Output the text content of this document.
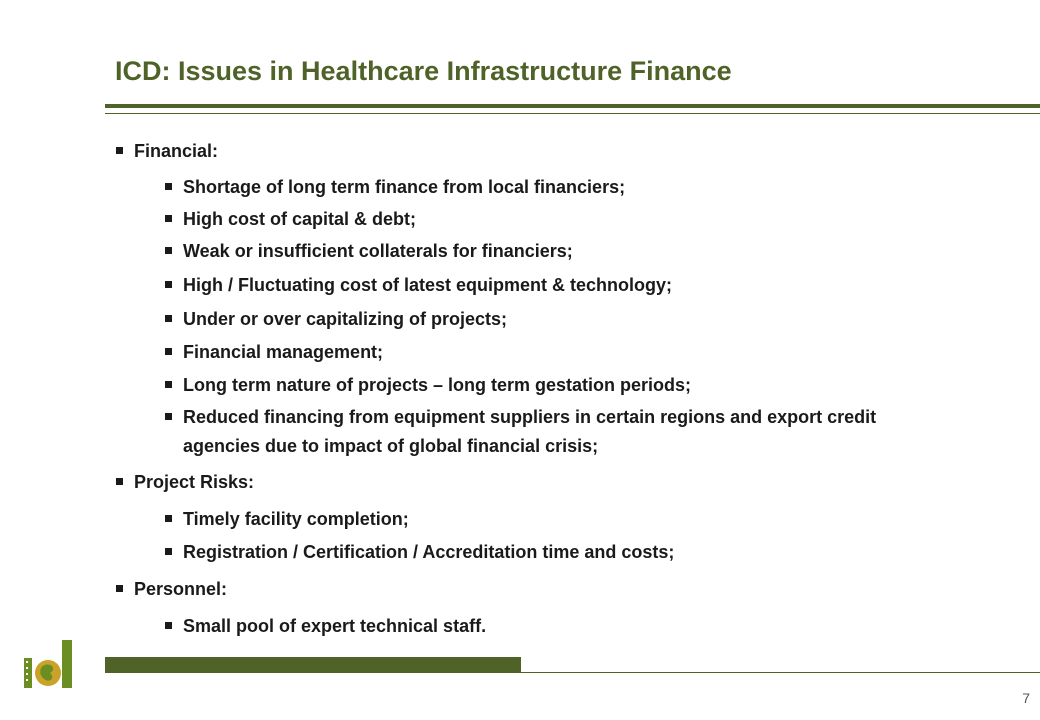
ICD: Issues in Healthcare Infrastructure Finance
Financial:
Shortage of long term finance from local financiers;
High cost of capital & debt;
Weak or insufficient collaterals for financiers;
High / Fluctuating cost of latest equipment & technology;
Under or over capitalizing of projects;
Financial management;
Long term nature of projects – long term gestation periods;
Reduced financing from equipment suppliers in certain regions and export credit agencies due to impact of global financial crisis;
Project Risks:
Timely facility completion;
Registration / Certification / Accreditation time and costs;
Personnel:
Small pool of expert technical staff.
7
